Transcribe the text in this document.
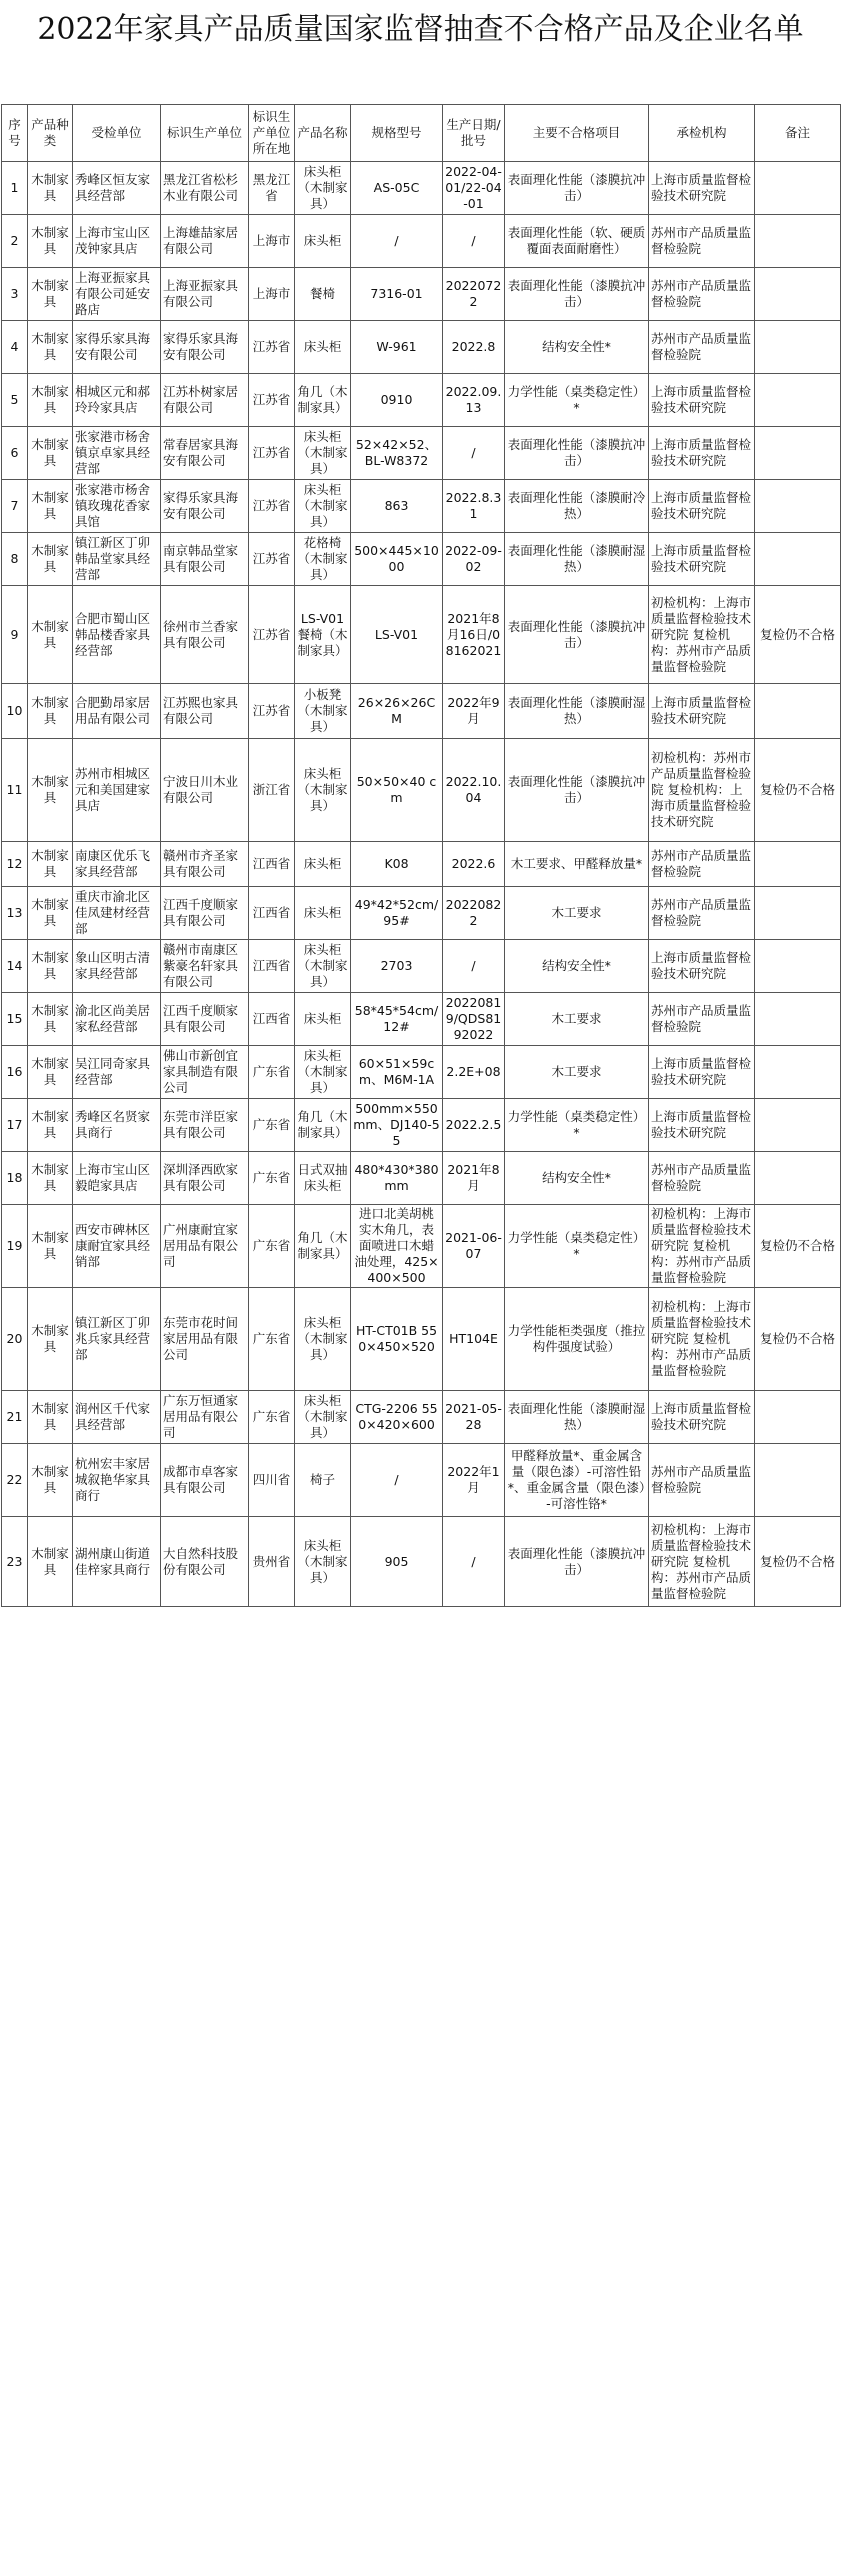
2022年家具产品质量国家监督抽查不合格产品及企业名单
序号	产品种类	受检单位	标识生产单位	标识生产单位所在地	产品名称	规格型号	生产日期/批号	主要不合格项目	承检机构	备注
1	木制家具	秀峰区恒友家具经营部	黑龙江省松杉木业有限公司	黑龙江省	床头柜（木制家具）	AS-05C	2022-04-01/22-04-01	表面理化性能（漆膜抗冲击）	上海市质量监督检验技术研究院	
2	木制家具	上海市宝山区茂钟家具店	上海雄喆家居有限公司	上海市	床头柜	/	/	表面理化性能（软、硬质覆面表面耐磨性）	苏州市产品质量监督检验院	
3	木制家具	上海亚振家具有限公司延安路店	上海亚振家具有限公司	上海市	餐椅	7316-01	20220722	表面理化性能（漆膜抗冲击）	苏州市产品质量监督检验院	
4	木制家具	家得乐家具海安有限公司	家得乐家具海安有限公司	江苏省	床头柜	W-961	2022.8	结构安全性*	苏州市产品质量监督检验院	
5	木制家具	相城区元和郝玲玲家具店	江苏朴树家居有限公司	江苏省	角几（木制家具）	0910	2022.09.13	力学性能（桌类稳定性）*	上海市质量监督检验技术研究院	
6	木制家具	张家港市杨舍镇京卓家具经营部	常春居家具海安有限公司	江苏省	床头柜（木制家具）	52×42×52、BL-W8372	/	表面理化性能（漆膜抗冲击）	上海市质量监督检验技术研究院	
7	木制家具	张家港市杨舍镇玫瑰花香家具馆	家得乐家具海安有限公司	江苏省	床头柜（木制家具）	863	2022.8.31	表面理化性能（漆膜耐冷热）	上海市质量监督检验技术研究院	
8	木制家具	镇江新区丁卯韩品堂家具经营部	南京韩品堂家具有限公司	江苏省	花格椅（木制家具）	500×445×1000	2022-09-02	表面理化性能（漆膜耐湿热）	上海市质量监督检验技术研究院	
9	木制家具	合肥市蜀山区韩品楼香家具经营部	徐州市兰香家具有限公司	江苏省	LS-V01餐椅（木制家具）	LS-V01	2021年8月16日/08162021	表面理化性能（漆膜抗冲击）	初检机构：上海市质量监督检验技术研究院 复检机构：苏州市产品质量监督检验院	复检仍不合格
10	木制家具	合肥勤昂家居用品有限公司	江苏熙也家具有限公司	江苏省	小板凳（木制家具）	26×26×26CM	2022年9月	表面理化性能（漆膜耐湿热）	上海市质量监督检验技术研究院	
11	木制家具	苏州市相城区元和美国建家具店	宁波日川木业有限公司	浙江省	床头柜（木制家具）	50×50×40 cm	2022.10.04	表面理化性能（漆膜抗冲击）	初检机构：苏州市产品质量监督检验院 复检机构：上海市质量监督检验技术研究院	复检仍不合格
12	木制家具	南康区优乐飞家具经营部	赣州市齐圣家具有限公司	江西省	床头柜	K08	2022.6	木工要求、甲醛释放量*	苏州市产品质量监督检验院	
13	木制家具	重庆市渝北区佳凤建材经营部	江西千度顺家具有限公司	江西省	床头柜	49*42*52cm/95#	20220822	木工要求	苏州市产品质量监督检验院	
14	木制家具	象山区明古清家具经营部	赣州市南康区紫豪名轩家具有限公司	江西省	床头柜（木制家具）	2703	/	结构安全性*	上海市质量监督检验技术研究院	
15	木制家具	渝北区尚美居家私经营部	江西千度顺家具有限公司	江西省	床头柜	58*45*54cm/12#	20220819/QDS8192022	木工要求	苏州市产品质量监督检验院	
16	木制家具	吴江同奇家具经营部	佛山市新创宜家具制造有限公司	广东省	床头柜（木制家具）	60×51×59cm、M6M-1A	2.2E+08	木工要求	上海市质量监督检验技术研究院	
17	木制家具	秀峰区名贤家具商行	东莞市洋臣家具有限公司	广东省	角几（木制家具）	500mm×550mm、DJ140-55	2022.2.5	力学性能（桌类稳定性）*	上海市质量监督检验技术研究院	
18	木制家具	上海市宝山区毅皑家具店	深圳泽西欧家具有限公司	广东省	日式双抽床头柜	480*430*380mm	2021年8月	结构安全性*	苏州市产品质量监督检验院	
19	木制家具	西安市碑林区康耐宜家具经销部	广州康耐宜家居用品有限公司	广东省	角几（木制家具）	进口北美胡桃实木角几，表面喷进口木蜡油处理，425×400×500	2021-06-07	力学性能（桌类稳定性）*	初检机构：上海市质量监督检验技术研究院 复检机构：苏州市产品质量监督检验院	复检仍不合格
20	木制家具	镇江新区丁卯兆兵家具经营部	东莞市花时间家居用品有限公司	广东省	床头柜（木制家具）	HT-CT01B 550×450×520	HT104E	力学性能柜类强度（推拉构件强度试验）	初检机构：上海市质量监督检验技术研究院 复检机构：苏州市产品质量监督检验院	复检仍不合格
21	木制家具	润州区千代家具经营部	广东万恒通家居用品有限公司	广东省	床头柜（木制家具）	CTG-2206 550×420×600	2021-05-28	表面理化性能（漆膜耐湿热）	上海市质量监督检验技术研究院	
22	木制家具	杭州宏丰家居城叙艳华家具商行	成都市卓客家具有限公司	四川省	椅子	/	2022年1月	甲醛释放量*、重金属含量（限色漆）-可溶性铅*、重金属含量（限色漆）-可溶性铬*	苏州市产品质量监督检验院	
23	木制家具	湖州康山街道佳梓家具商行	大自然科技股份有限公司	贵州省	床头柜（木制家具）	905	/	表面理化性能（漆膜抗冲击）	初检机构：上海市质量监督检验技术研究院 复检机构：苏州市产品质量监督检验院	复检仍不合格
